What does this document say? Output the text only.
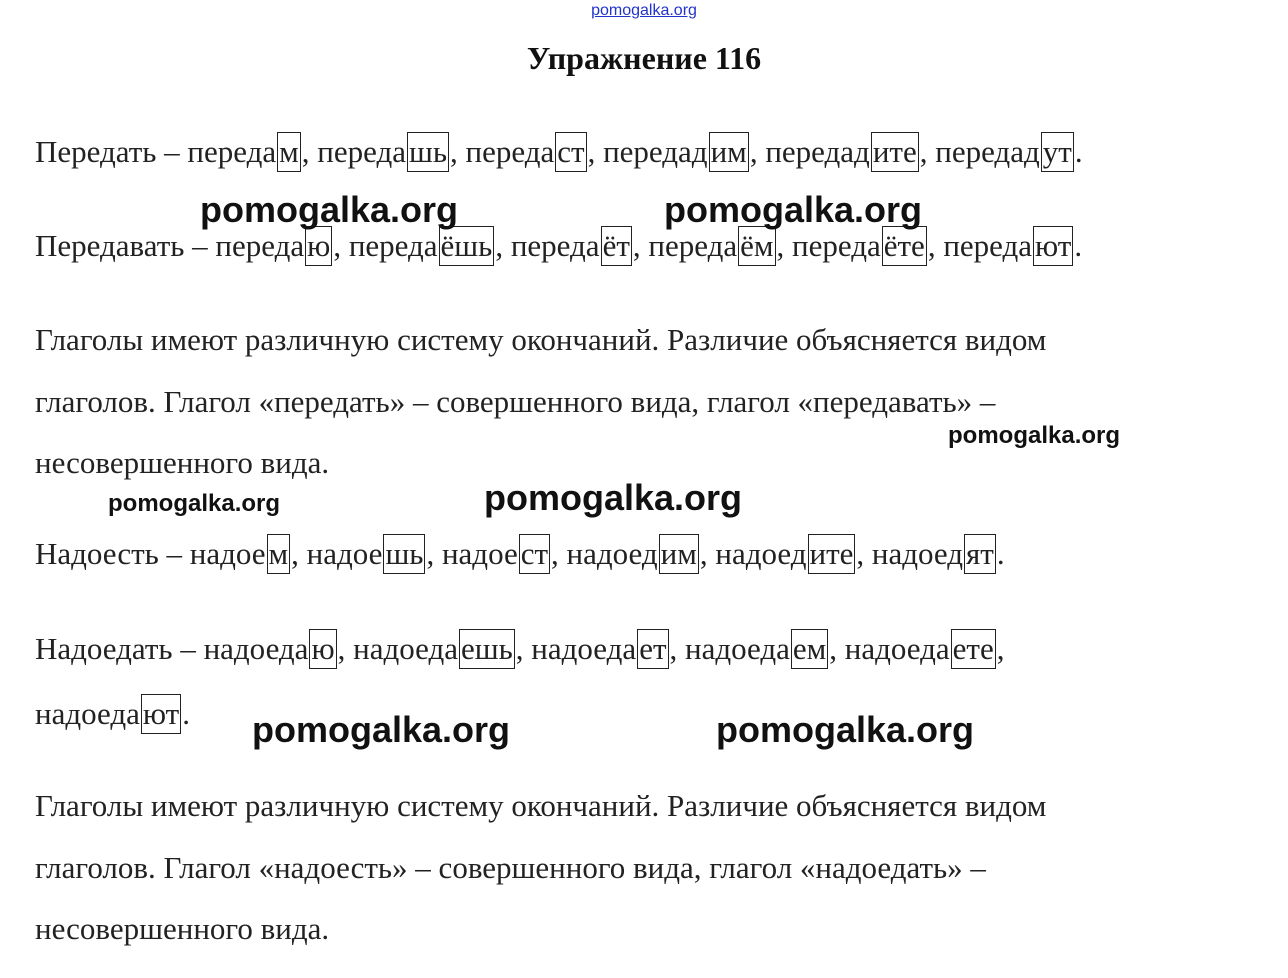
pomogalka.org
Упражнение 116
Передать – передам, передашь, передаст, передадим, передадите, передадут.
Передавать – передаю, передаёшь, передаёт, передаём, передаёте, передают.
Глаголы имеют различную систему окончаний. Различие объясняется видом
глаголов. Глагол «передать» – совершенного вида, глагол «передавать» –
несовершенного вида.
Надоесть – надоем, надоешь, надоест, надоедим, надоедите, надоедят.
Надоедать – надоедаю, надоедаешь, надоедает, надоедаем, надоедаете,
надоедают.
Глаголы имеют различную систему окончаний. Различие объясняется видом
глаголов. Глагол «надоесть» – совершенного вида, глагол «надоедать» –
несовершенного вида.
pomogalka.org	pomogalka.org
pomogalka.org
pomogalka.org	pomogalka.org
pomogalka.org	pomogalka.org
